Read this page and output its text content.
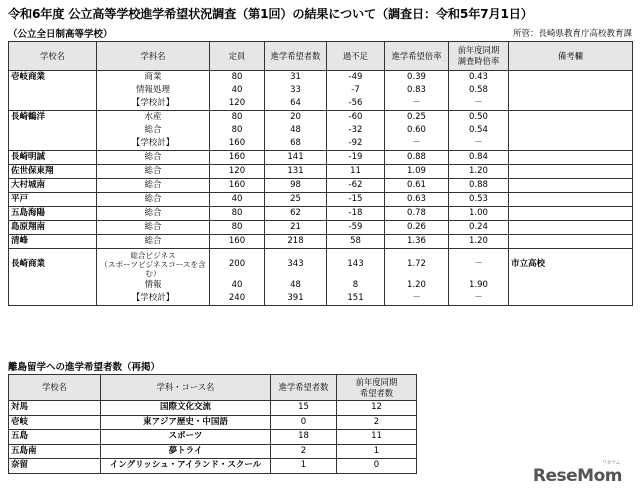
令和6年度 公立高等学校進学希望状況調査（第1回）の結果について（調査日：令和5年7月1日）
（公立全日制高等学校）	所管：長崎県教育庁高校教育課
学校名	学科名	定員	進学希望者数	過不足	進学希望倍率	前年度同期
調査時倍率	備考欄
壱岐商業	商業	80	31	-49	0.39	0.43	
	情報処理	40	33	-7	0.83	0.58	
	【学校計】	120	64	-56	－	－	
長崎鶴洋	水産	80	20	-60	0.25	0.50	
	総合	80	48	-32	0.60	0.54	
	【学校計】	160	68	-92	－	－	
長崎明誠	総合	160	141	-19	0.88	0.84	
佐世保東翔	総合	120	131	11	1.09	1.20	
大村城南	総合	160	98	-62	0.61	0.88	
平戸	総合	40	25	-15	0.63	0.53	
五島海陽	総合	80	62	-18	0.78	1.00	
島原翔南	総合	80	21	-59	0.26	0.24	
清峰	総合	160	218	58	1.36	1.20	
長崎商業	総合ビジネス
（スポーツビジネスコースを含む）	200	343	143	1.72	－	市立高校
	情報	40	48	8	1.20	1.90	
	【学校計】	240	391	151	－	－	
離島留学への進学希望者数（再掲）
学校名	学科・コース名	進学希望者数	前年度同期
希望者数
対馬	国際文化交流	15	12
壱岐	東アジア歴史・中国語	0	2
五島	スポーツ	18	11
五島南	夢トライ	2	1
奈留	イングリッシュ・アイランド・スクール	1	0
ReseMom
リセマム
